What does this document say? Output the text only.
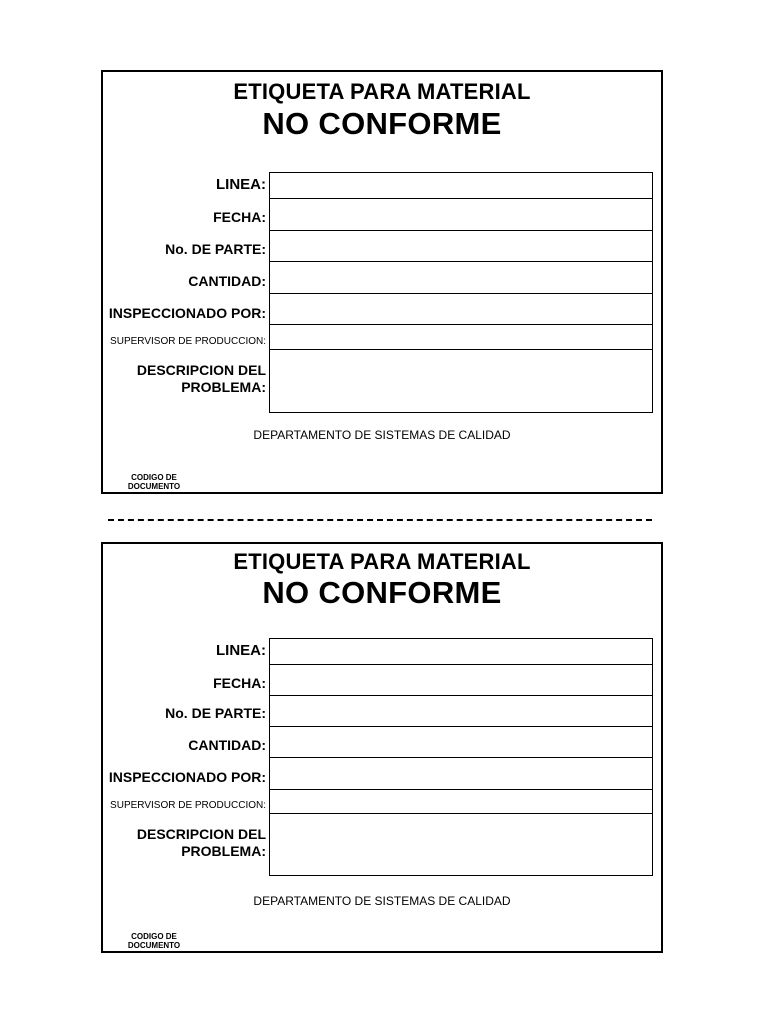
ETIQUETA PARA MATERIAL
NO CONFORME
LINEA:
FECHA:
No. DE PARTE:
CANTIDAD:
INSPECCIONADO POR:
SUPERVISOR DE PRODUCCION:
DESCRIPCION DEL
PROBLEMA:
DEPARTAMENTO DE SISTEMAS DE CALIDAD
CODIGO DE
DOCUMENTO
ETIQUETA PARA MATERIAL
NO CONFORME
LINEA:
FECHA:
No. DE PARTE:
CANTIDAD:
INSPECCIONADO POR:
SUPERVISOR DE PRODUCCION:
DESCRIPCION DEL
PROBLEMA:
DEPARTAMENTO DE SISTEMAS DE CALIDAD
CODIGO DE
DOCUMENTO
